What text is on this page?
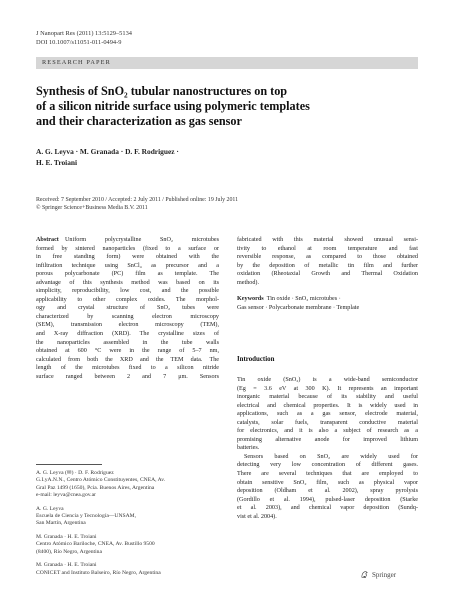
J Nanopart Res (2011) 13:5129–5134
DOI 10.1007/s11051-011-0494-9
RESEARCH PAPER
Synthesis of SnO₂ tubular nanostructures on top
of a silicon nitride surface using polymeric templates
and their characterization as gas sensor
A. G. Leyva · M. Granada · D. F. Rodriguez ·
H. E. Troiani
Received: 7 September 2010 / Accepted: 2 July 2011 / Published online: 19 July 2011
© Springer Science+Business Media B.V. 2011
Abstract  Uniform polycrystalline SnO₂ microtubes
formed by sintered nanoparticles (fixed to a surface or
in free standing form) were obtained with the
infiltration technique using SnCl₄ as precursor and a
porous polycarbonate (PC) film as template. The
advantage of this synthesis method was based on its
simplicity, reproducibility, low cost, and the possible
applicability to other complex oxides. The morphol-
ogy and crystal structure of SnO₂ tubes were
characterized by scanning electron microscopy
(SEM), transmission electron microscopy (TEM),
and X-ray diffraction (XRD). The crystalline sizes of
the nanoparticles assembled in the tube walls
obtained at 600 °C were in the range of 5–7 nm,
calculated from both the XRD and the TEM data. The
length of the microtubes fixed to a silicon nitride
surface ranged between 2 and 7 μm. Sensors

A. G. Leyva (✉) · D. F. Rodriguez
G.I.yA.N.N., Centro Atómico Constituyentes, CNEA, Av.
Gral Paz 1499 (1650), Pcia. Buenos Aires, Argentina
e-mail: leyva@cnea.gov.ar

A. G. Leyva
Escuela de Ciencia y Tecnología—UNSAM,
San Martín, Argentina

M. Granada · H. E. Troiani
Centro Atómico Bariloche, CNEA, Av. Bustillo 9500
(8400), Río Negro, Argentina

M. Granada · H. E. Troiani
CONICET and Instituto Balseiro, Río Negro, Argentina

fabricated with this material showed unusual sensi-
tivity to ethanol at room temperature and fast
reversible response, as compared to those obtained
by the deposition of metallic tin film and further
oxidation (Rheotaxial Growth and Thermal Oxidation
method).
Keywords  Tin oxide · SnO₂ microtubes ·
Gas sensor · Polycarbonate membrane · Template
Introduction
Tin oxide (SnO₂) is a wide-band semiconductor
(Eg = 3.6 eV at 300 K). It represents an important
inorganic material because of its stability and useful
electrical and chemical properties. It is widely used in
applications, such as a gas sensor, electrode material,
catalysts, solar fuels, transparent conductive material
for electronics, and it is also a subject of research as a
promising alternative anode for improved lithium
batteries.
Sensors based on SnO₂ are widely used for
detecting very low concentration of different gases.
There are several techniques that are employed to
obtain sensitive SnO₂ film, such as physical vapor
deposition (Oldham et al. 2002), spray pyrolysis
(Gordillo et al. 1994), pulsed-laser deposition (Starke
et al. 2003), and chemical vapor deposition (Sundq-
vist et al. 2004).
Springer
